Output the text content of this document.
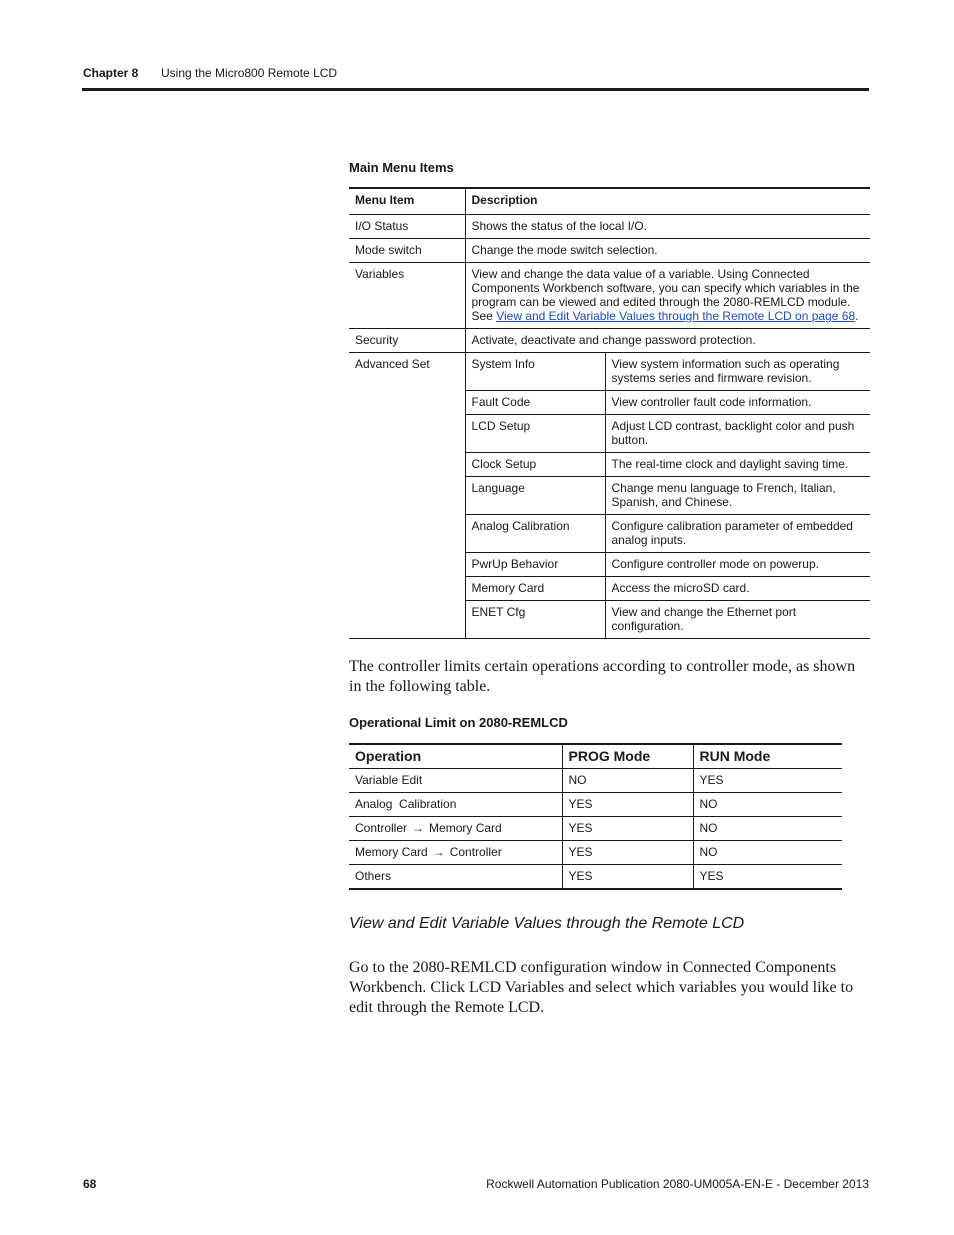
Chapter 8 Using the Micro800 Remote LCD
Main Menu Items
Menu Item	Description	
I/O Status	Shows the status of the local I/O.	
Mode switch	Change the mode switch selection.	
Variables	View and change the data value of a variable. Using Connected Components Workbench software, you can specify which variables in the program can be viewed and edited through the 2080-REMLCD module.
See View and Edit Variable Values through the Remote LCD on page 68.	
Security	Activate, deactivate and change password protection.	
Advanced Set	System Info	View system information such as operating systems series and firmware revision.
	Fault Code	View controller fault code information.
	LCD Setup	Adjust LCD contrast, backlight color and push button.
	Clock Setup	The real-time clock and daylight saving time.
	Language	Change menu language to French, Italian, Spanish, and Chinese.
	Analog Calibration	Configure calibration parameter of embedded analog inputs.
	PwrUp Behavior	Configure controller mode on powerup.
	Memory Card	Access the microSD card.
	ENET Cfg	View and change the Ethernet port configuration.
The controller limits certain operations according to controller mode, as shown in the following table.
Operational Limit on 2080-REMLCD
Operation	PROG Mode	RUN Mode
Variable Edit	NO	YES
Analog  Calibration	YES	NO
Controller → Memory Card	YES	NO
Memory Card → Controller	YES	NO
Others	YES	YES
View and Edit Variable Values through the Remote LCD
Go to the 2080-REMLCD configuration window in Connected Components Workbench. Click LCD Variables and select which variables you would like to edit through the Remote LCD.
68	Rockwell Automation Publication 2080-UM005A-EN-E - December 2013
